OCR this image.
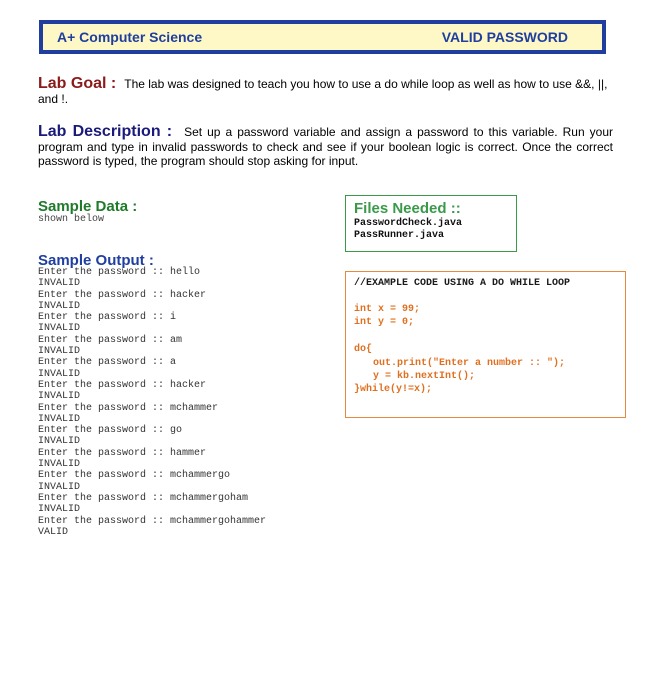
A+ Computer Science	VALID PASSWORD
Lab Goal : The lab was designed to teach you how to use a do while loop as well as how to use &&, ||, and !.
Lab Description : Set up a password variable and assign a password to this variable. Run your program and type in invalid passwords to check and see if your boolean logic is correct. Once the correct password is typed, the program should stop asking for input.
Sample Data :
shown below
Files Needed ::
PasswordCheck.java
PassRunner.java
Sample Output :
Enter the password :: hello
INVALID
Enter the password :: hacker
INVALID
Enter the password :: i
INVALID
Enter the password :: am
INVALID
Enter the password :: a
INVALID
Enter the password :: hacker
INVALID
Enter the password :: mchammer
INVALID
Enter the password :: go
INVALID
Enter the password :: hammer
INVALID
Enter the password :: mchammergo
INVALID
Enter the password :: mchammergoham
INVALID
Enter the password :: mchammergohammer
VALID
//EXAMPLE CODE USING A DO WHILE LOOP
int x = 99;
int y = 0;
do{
out.print("Enter a number :: ");
y = kb.nextInt();
}while(y!=x);
